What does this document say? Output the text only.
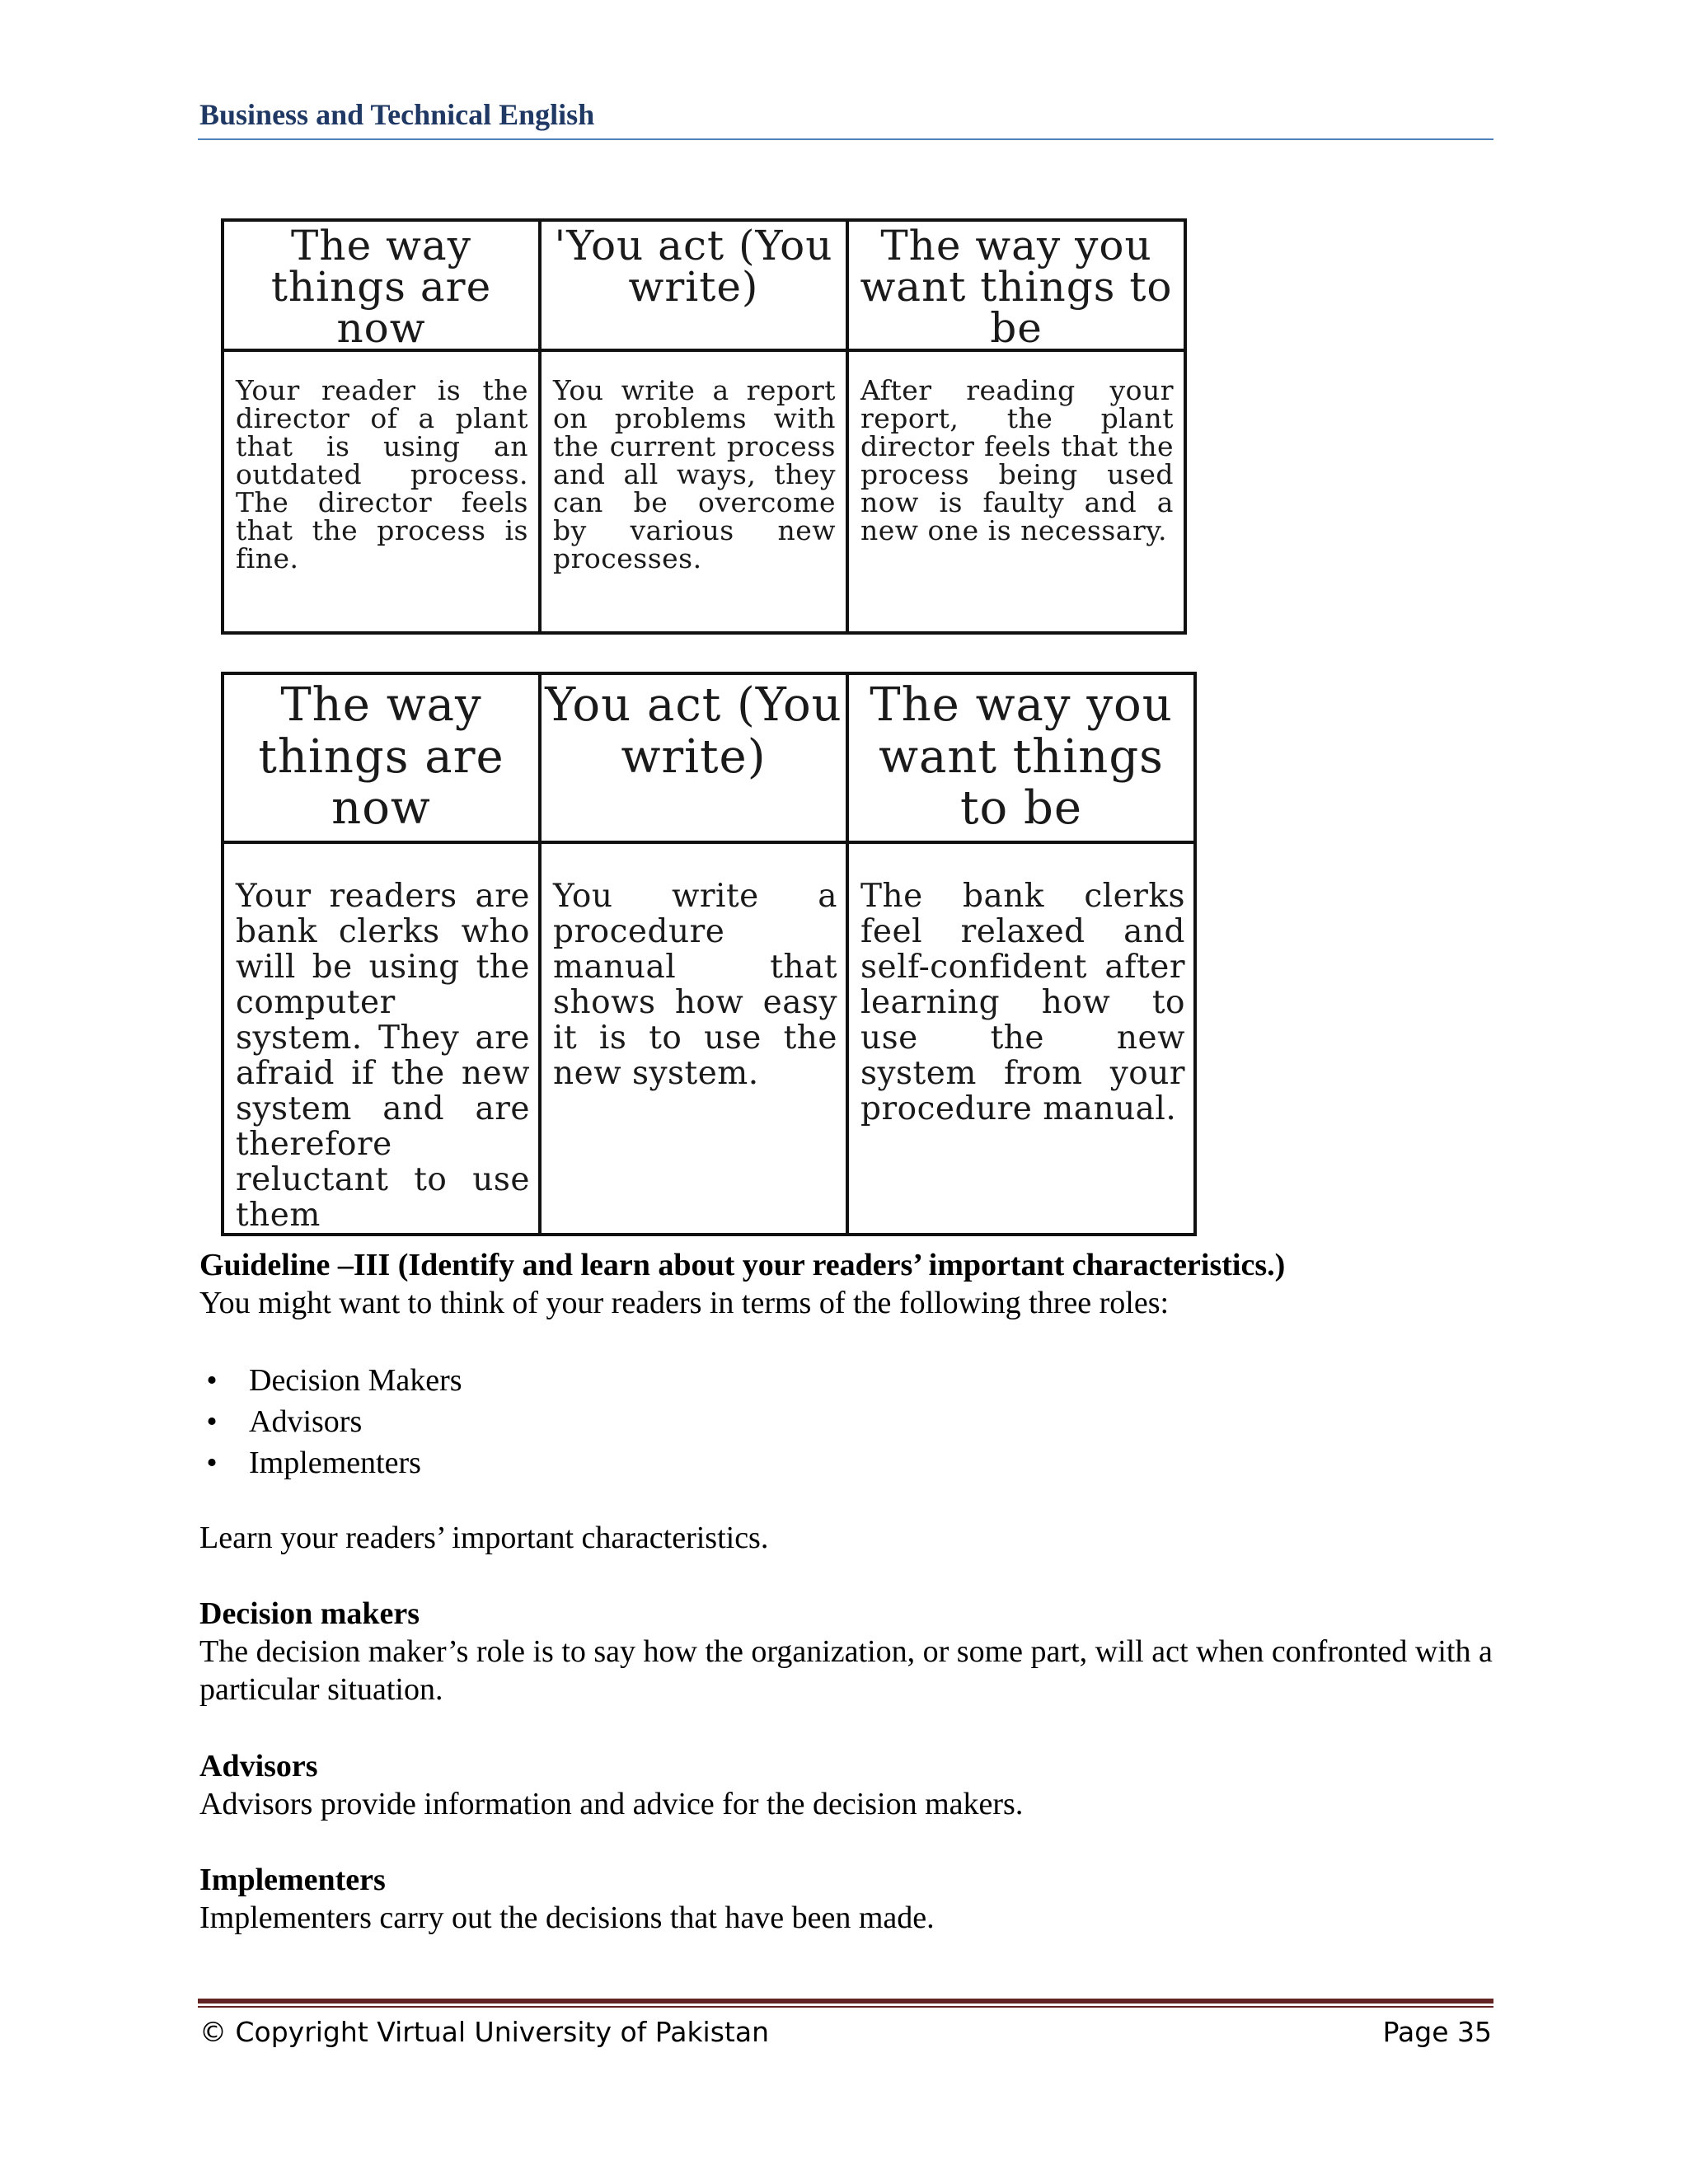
Business and Technical English
The way things are now	'You act (You write)	The way you want things to be
Your reader is the director of a plant that is using an outdated process. The director feels that the process is fine.	You write a report on problems with the current process and all ways, they can be overcome by various new processes.	After reading your report, the plant director feels that the process being used now is faulty and a new one is necessary.
The way things are now	You act (You write)	The way you want things to be
Your readers are bank clerks who will be using the computer system. They are afraid if the new system and are therefore reluctant to use them	You write a procedure manual that shows how easy it is to use the new system.	The bank clerks feel relaxed and self-confident after learning how to use the new system from your procedure manual.
Guideline –III (Identify and learn about your readers’ important characteristics.)
You might want to think of your readers in terms of the following three roles:
• Decision Makers
• Advisors
• Implementers
Learn your readers’ important characteristics.
Decision makers
The decision maker’s role is to say how the organization, or some part, will act when confronted with a particular situation.
Advisors
Advisors provide information and advice for the decision makers.
Implementers
Implementers carry out the decisions that have been made.
© Copyright Virtual University of Pakistan	Page 35
